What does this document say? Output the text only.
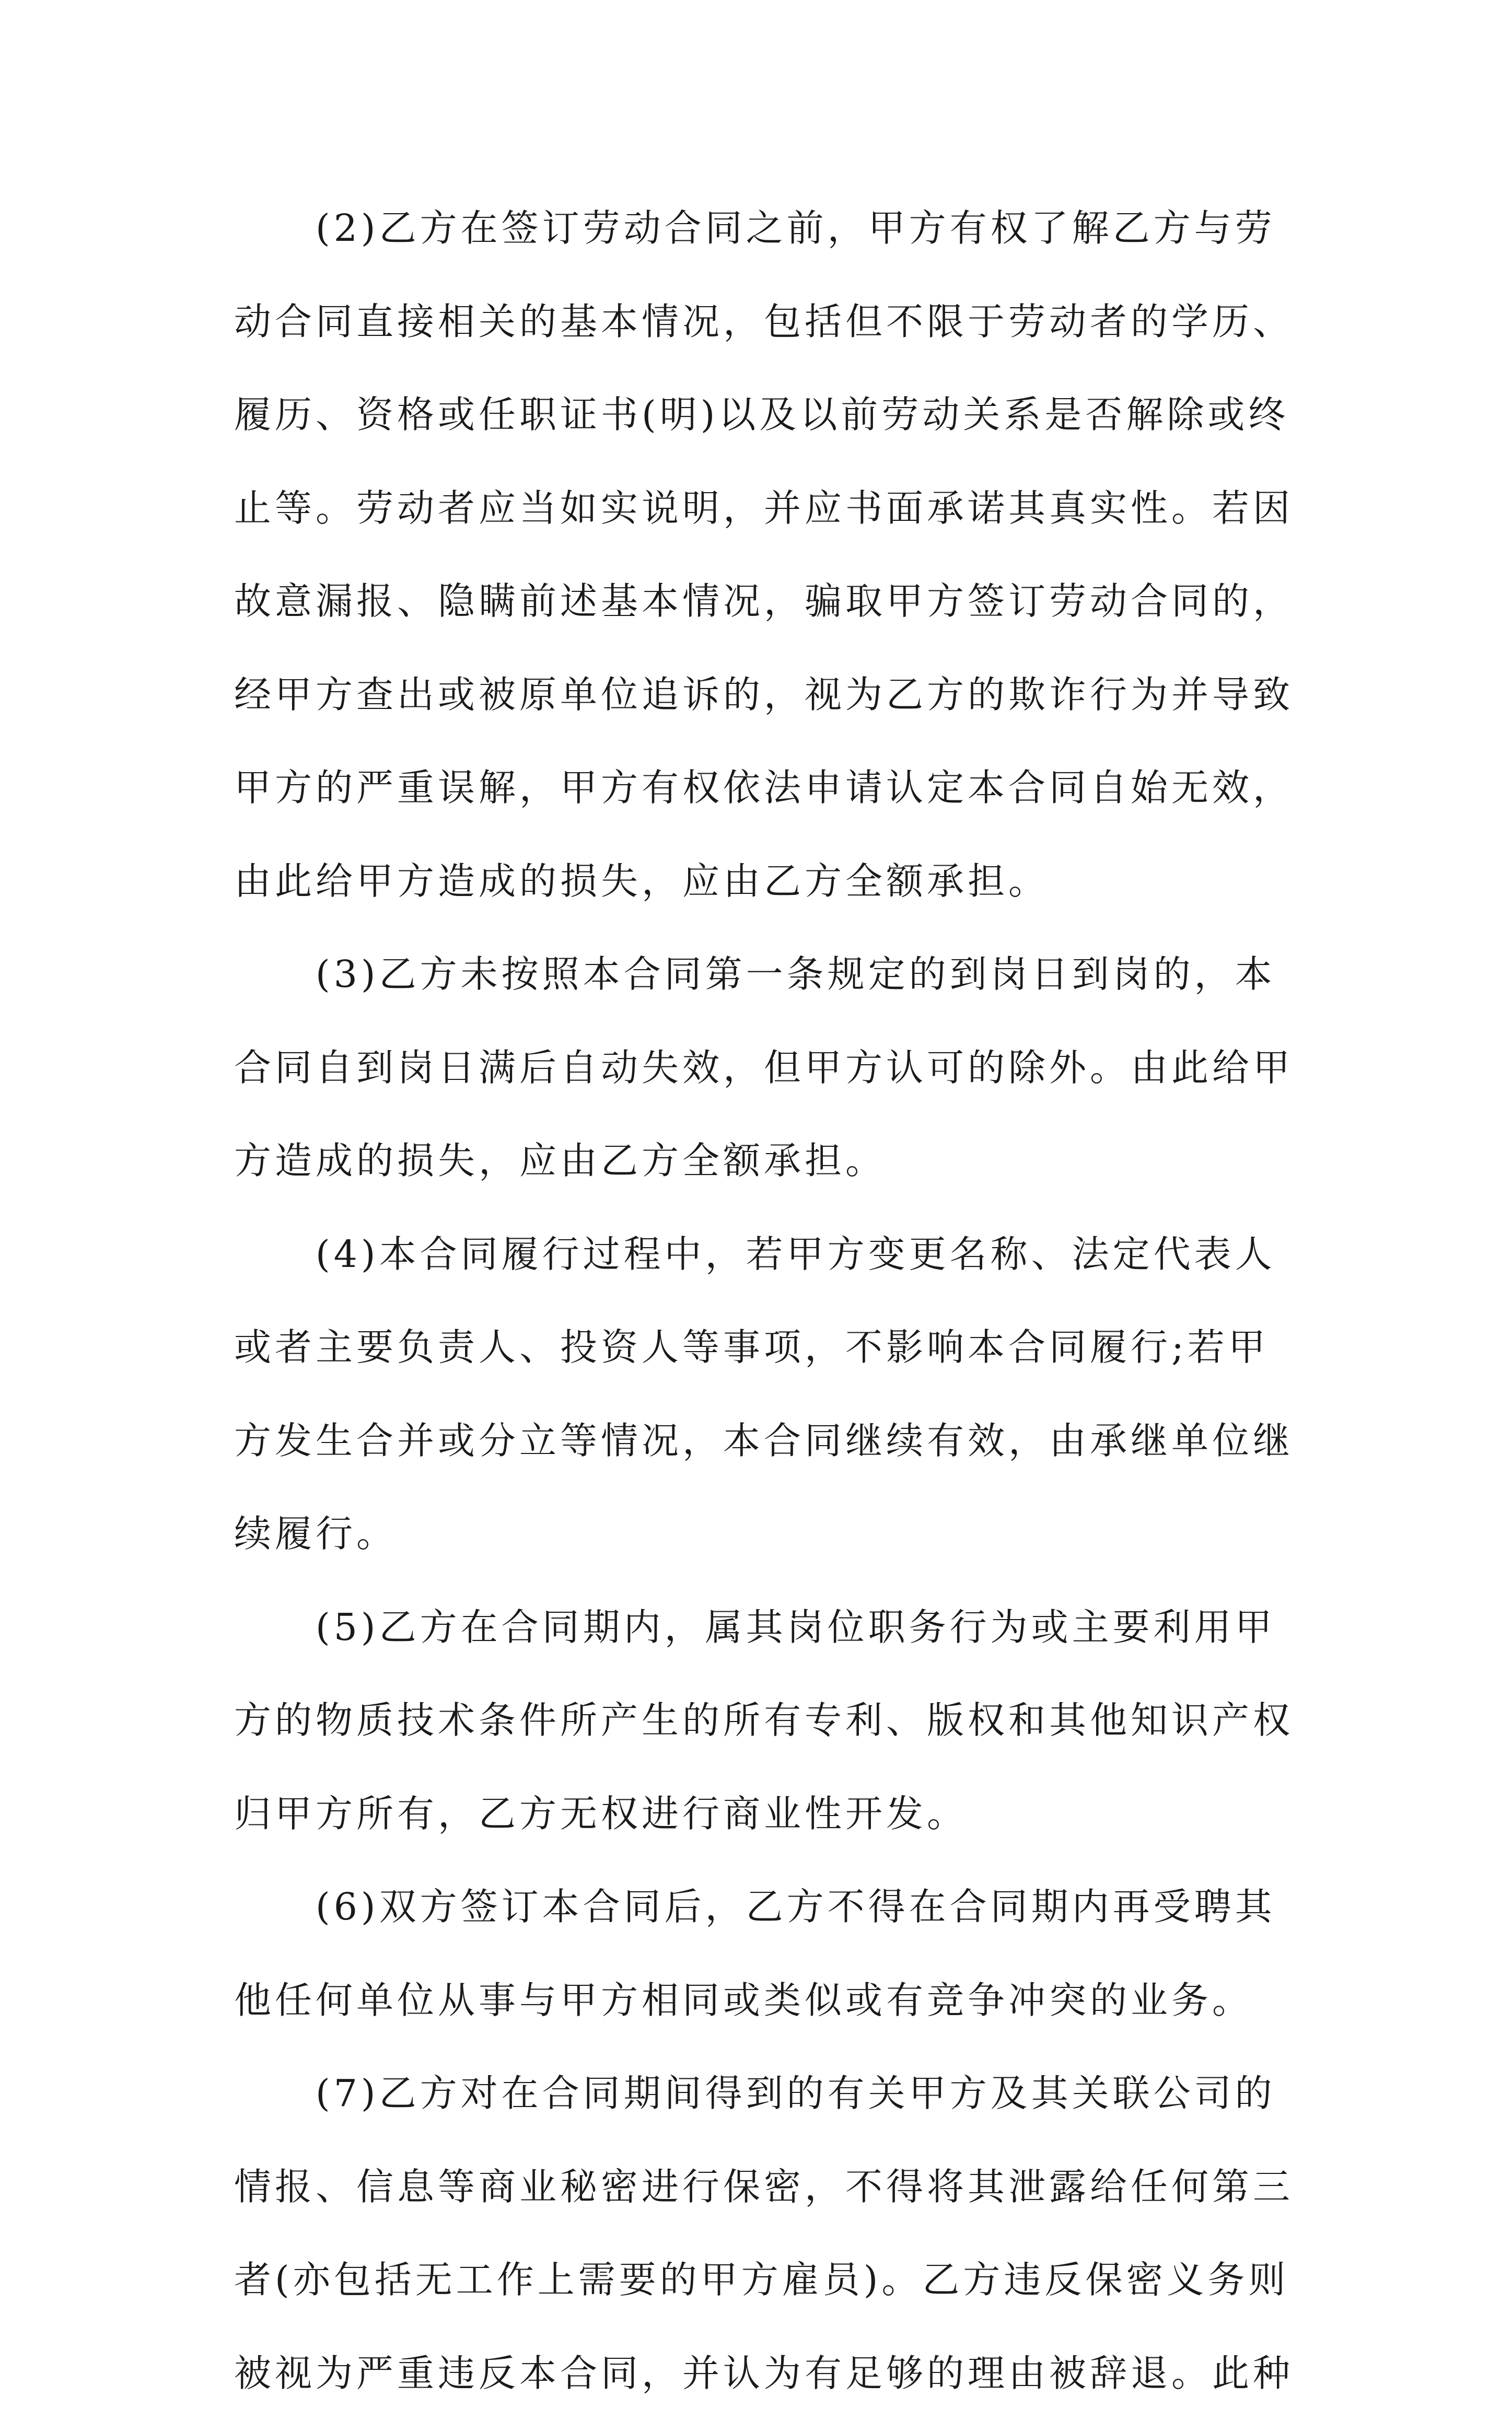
(2)乙方在签订劳动合同之前，甲方有权了解乙方与劳
动合同直接相关的基本情况，包括但不限于劳动者的学历、
履历、资格或任职证书(明)以及以前劳动关系是否解除或终
止等。劳动者应当如实说明，并应书面承诺其真实性。若因
故意漏报、隐瞒前述基本情况，骗取甲方签订劳动合同的，
经甲方查出或被原单位追诉的，视为乙方的欺诈行为并导致
甲方的严重误解，甲方有权依法申请认定本合同自始无效，
由此给甲方造成的损失，应由乙方全额承担。
(3)乙方未按照本合同第一条规定的到岗日到岗的，本
合同自到岗日满后自动失效，但甲方认可的除外。由此给甲
方造成的损失，应由乙方全额承担。
(4)本合同履行过程中，若甲方变更名称、法定代表人
或者主要负责人、投资人等事项，不影响本合同履行;若甲
方发生合并或分立等情况，本合同继续有效，由承继单位继
续履行。
(5)乙方在合同期内，属其岗位职务行为或主要利用甲
方的物质技术条件所产生的所有专利、版权和其他知识产权
归甲方所有，乙方无权进行商业性开发。
(6)双方签订本合同后，乙方不得在合同期内再受聘其
他任何单位从事与甲方相同或类似或有竞争冲突的业务。
(7)乙方对在合同期间得到的有关甲方及其关联公司的
情报、信息等商业秘密进行保密，不得将其泄露给任何第三
者(亦包括无工作上需要的甲方雇员)。乙方违反保密义务则
被视为严重违反本合同，并认为有足够的理由被辞退。此种
